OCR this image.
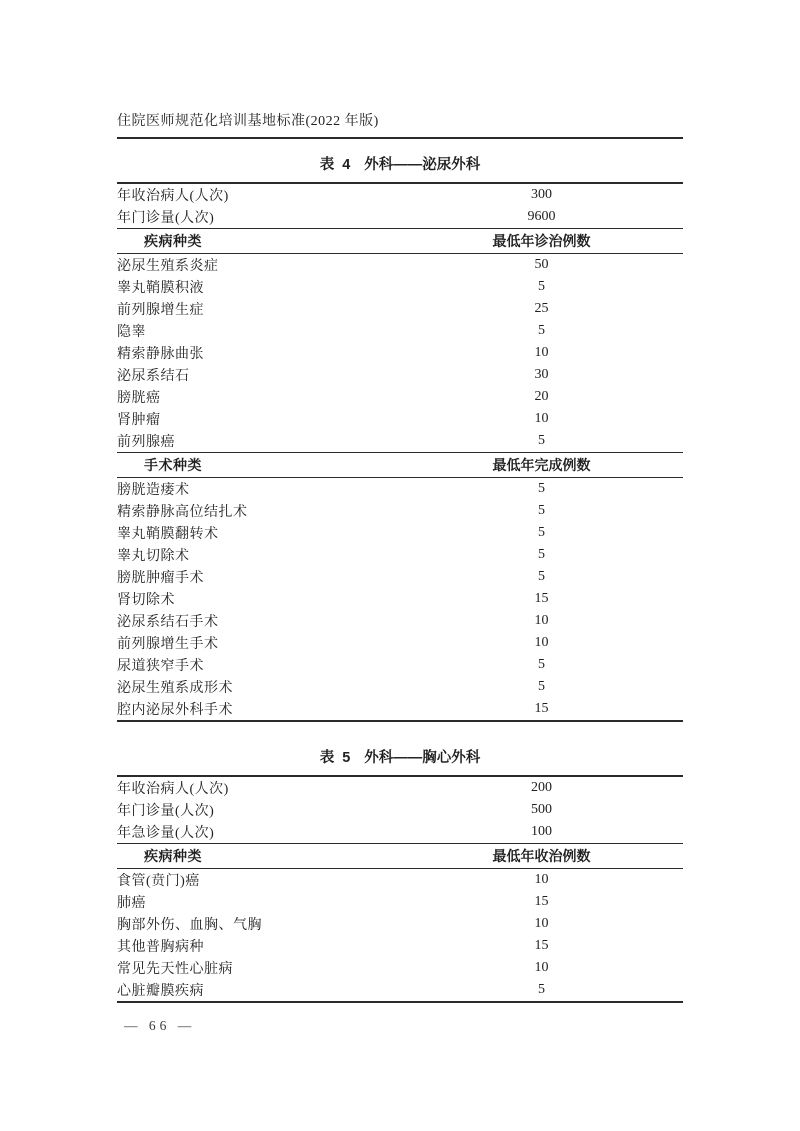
住院医师规范化培训基地标准(2022 年版)
表 4 外科——泌尿外科
年收治病人(人次)	300
年门诊量(人次)	9600
疾病种类	最低年诊治例数
泌尿生殖系炎症	50
睾丸鞘膜积液	5
前列腺增生症	25
隐睾	5
精索静脉曲张	10
泌尿系结石	30
膀胱癌	20
肾肿瘤	10
前列腺癌	5
手术种类	最低年完成例数
膀胱造瘘术	5
精索静脉高位结扎术	5
睾丸鞘膜翻转术	5
睾丸切除术	5
膀胱肿瘤手术	5
肾切除术	15
泌尿系结石手术	10
前列腺增生手术	10
尿道狭窄手术	5
泌尿生殖系成形术	5
腔内泌尿外科手术	15
表 5 外科——胸心外科
年收治病人(人次)	200
年门诊量(人次)	500
年急诊量(人次)	100
疾病种类	最低年收治例数
食管(贲门)癌	10
肺癌	15
胸部外伤、血胸、气胸	10
其他普胸病种	15
常见先天性心脏病	10
心脏瓣膜疾病	5
— 66 —
